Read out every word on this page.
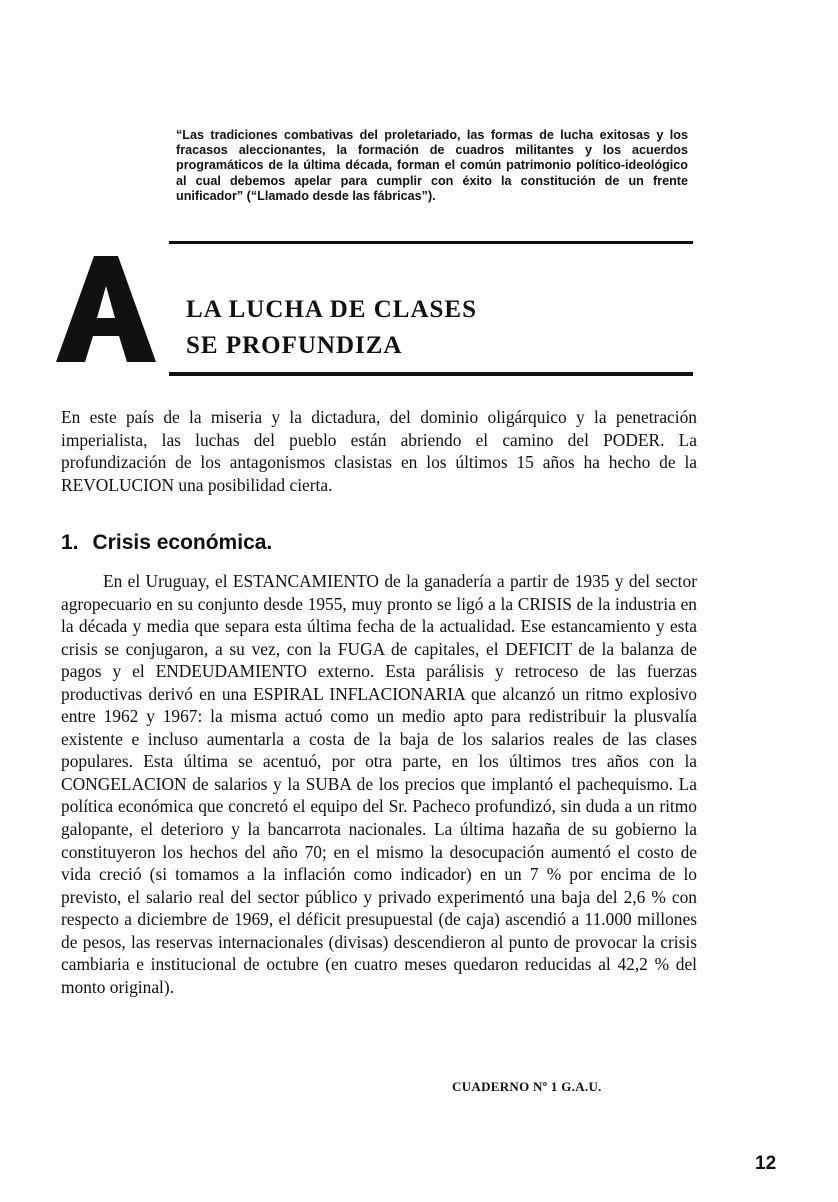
“Las tradiciones combativas del proletariado, las formas de lucha exitosas y los fracasos aleccionantes, la formación de cuadros militantes y los acuerdos programáticos de la última década, forman el común patrimonio político-ideológico al cual debemos apelar para cumplir con éxito la constitución de un frente unificador” (“Llamado desde las fábricas”).

LA LUCHA DE CLASES
SE PROFUNDIZA

En este país de la miseria y la dictadura, del dominio oligárquico y la penetración imperialista, las luchas del pueblo están abriendo el camino del PODER. La profundización de los antagonismos clasistas en los últimos 15 años ha hecho de la REVOLUCION una posibilidad cierta.

1. Crisis económica.

En el Uruguay, el ESTANCAMIENTO de la ganadería a partir de 1935 y del sector agropecuario en su conjunto desde 1955, muy pronto se ligó a la CRISIS de la industria en la década y media que separa esta última fecha de la actualidad. Ese estancamiento y esta crisis se conjugaron, a su vez, con la FUGA de capitales, el DEFICIT de la balanza de pagos y el ENDEUDAMIENTO externo. Esta parálisis y retroceso de las fuerzas productivas derivó en una ESPIRAL INFLACIONARIA que alcanzó un ritmo explosivo entre 1962 y 1967: la misma actuó como un medio apto para redistribuir la plusvalía existente e incluso aumentarla a costa de la baja de los salarios reales de las clases populares. Esta última se acentuó, por otra parte, en los últimos tres años con la CONGELACION de salarios y la SUBA de los precios que implantó el pachequismo. La política económica que concretó el equipo del Sr. Pacheco profundizó, sin duda a un ritmo galopante, el deterioro y la bancarrota nacionales. La última hazaña de su gobierno la constituyeron los hechos del año 70; en el mismo la desocupación aumentó el costo de vida creció (si tomamos a la inflación como indicador) en un 7 % por encima de lo previsto, el salario real del sector público y privado experimentó una baja del 2,6 % con respecto a diciembre de 1969, el déficit presupuestal (de caja) ascendió a 11.000 millones de pesos, las reservas internacionales (divisas) descendieron al punto de provocar la crisis cambiaria e institucional de octubre (en cuatro meses quedaron reducidas al 42,2 % del monto original).

CUADERNO Nº 1 G.A.U.

12
